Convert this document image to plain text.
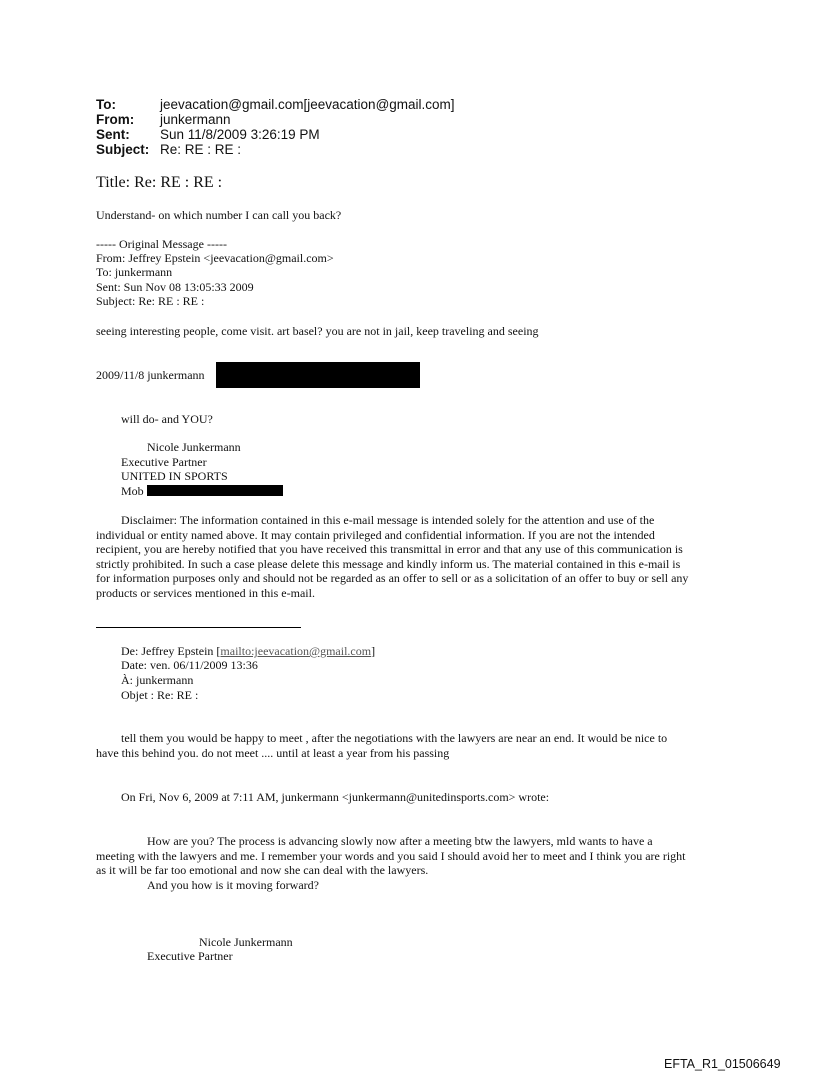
To:	jeevacation@gmail.com[jeevacation@gmail.com]
From: junkermann
Sent: Sun 11/8/2009 3:26:19 PM
Subject: Re: RE : RE :
Title: Re: RE : RE :
Understand- on which number I can call you back?
----- Original Message -----
From: Jeffrey Epstein <jeevacation@gmail.com>
To: junkermann
Sent: Sun Nov 08 13:05:33 2009
Subject: Re: RE : RE :
seeing interesting people, come visit. art basel? you are not in jail, keep traveling and seeing
2009/11/8 junkermann
will do- and YOU?
Nicole Junkermann
Executive Partner
UNITED IN SPORTS
Mob
Disclaimer: The information contained in this e-mail message is intended solely for the attention and use of the
individual or entity named above. It may contain privileged and confidential information. If you are not the intended
recipient, you are hereby notified that you have received this transmittal in error and that any use of this communication is
strictly prohibited. In such a case please delete this message and kindly inform us. The material contained in this e-mail is
for information purposes only and should not be regarded as an offer to sell or as a solicitation of an offer to buy or sell any
products or services mentioned in this e-mail.
De: Jeffrey Epstein [mailto:jeevacation@gmail.com]
Date: ven. 06/11/2009 13:36
À: junkermann
Objet : Re: RE :
tell them you would be happy to meet , after the negotiations with the lawyers are near an end. It would be nice to
have this behind you. do not meet .... until at least a year from his passing
On Fri, Nov 6, 2009 at 7:11 AM, junkermann <junkermann@unitedinsports.com> wrote:
How are you? The process is advancing slowly now after a meeting btw the lawyers, mld wants to have a
meeting with the lawyers and me. I remember your words and you said I should avoid her to meet and I think you are right
as it will be far too emotional and now she can deal with the lawyers.
And you how is it moving forward?
Nicole Junkermann
Executive Partner
EFTA_R1_01506649
